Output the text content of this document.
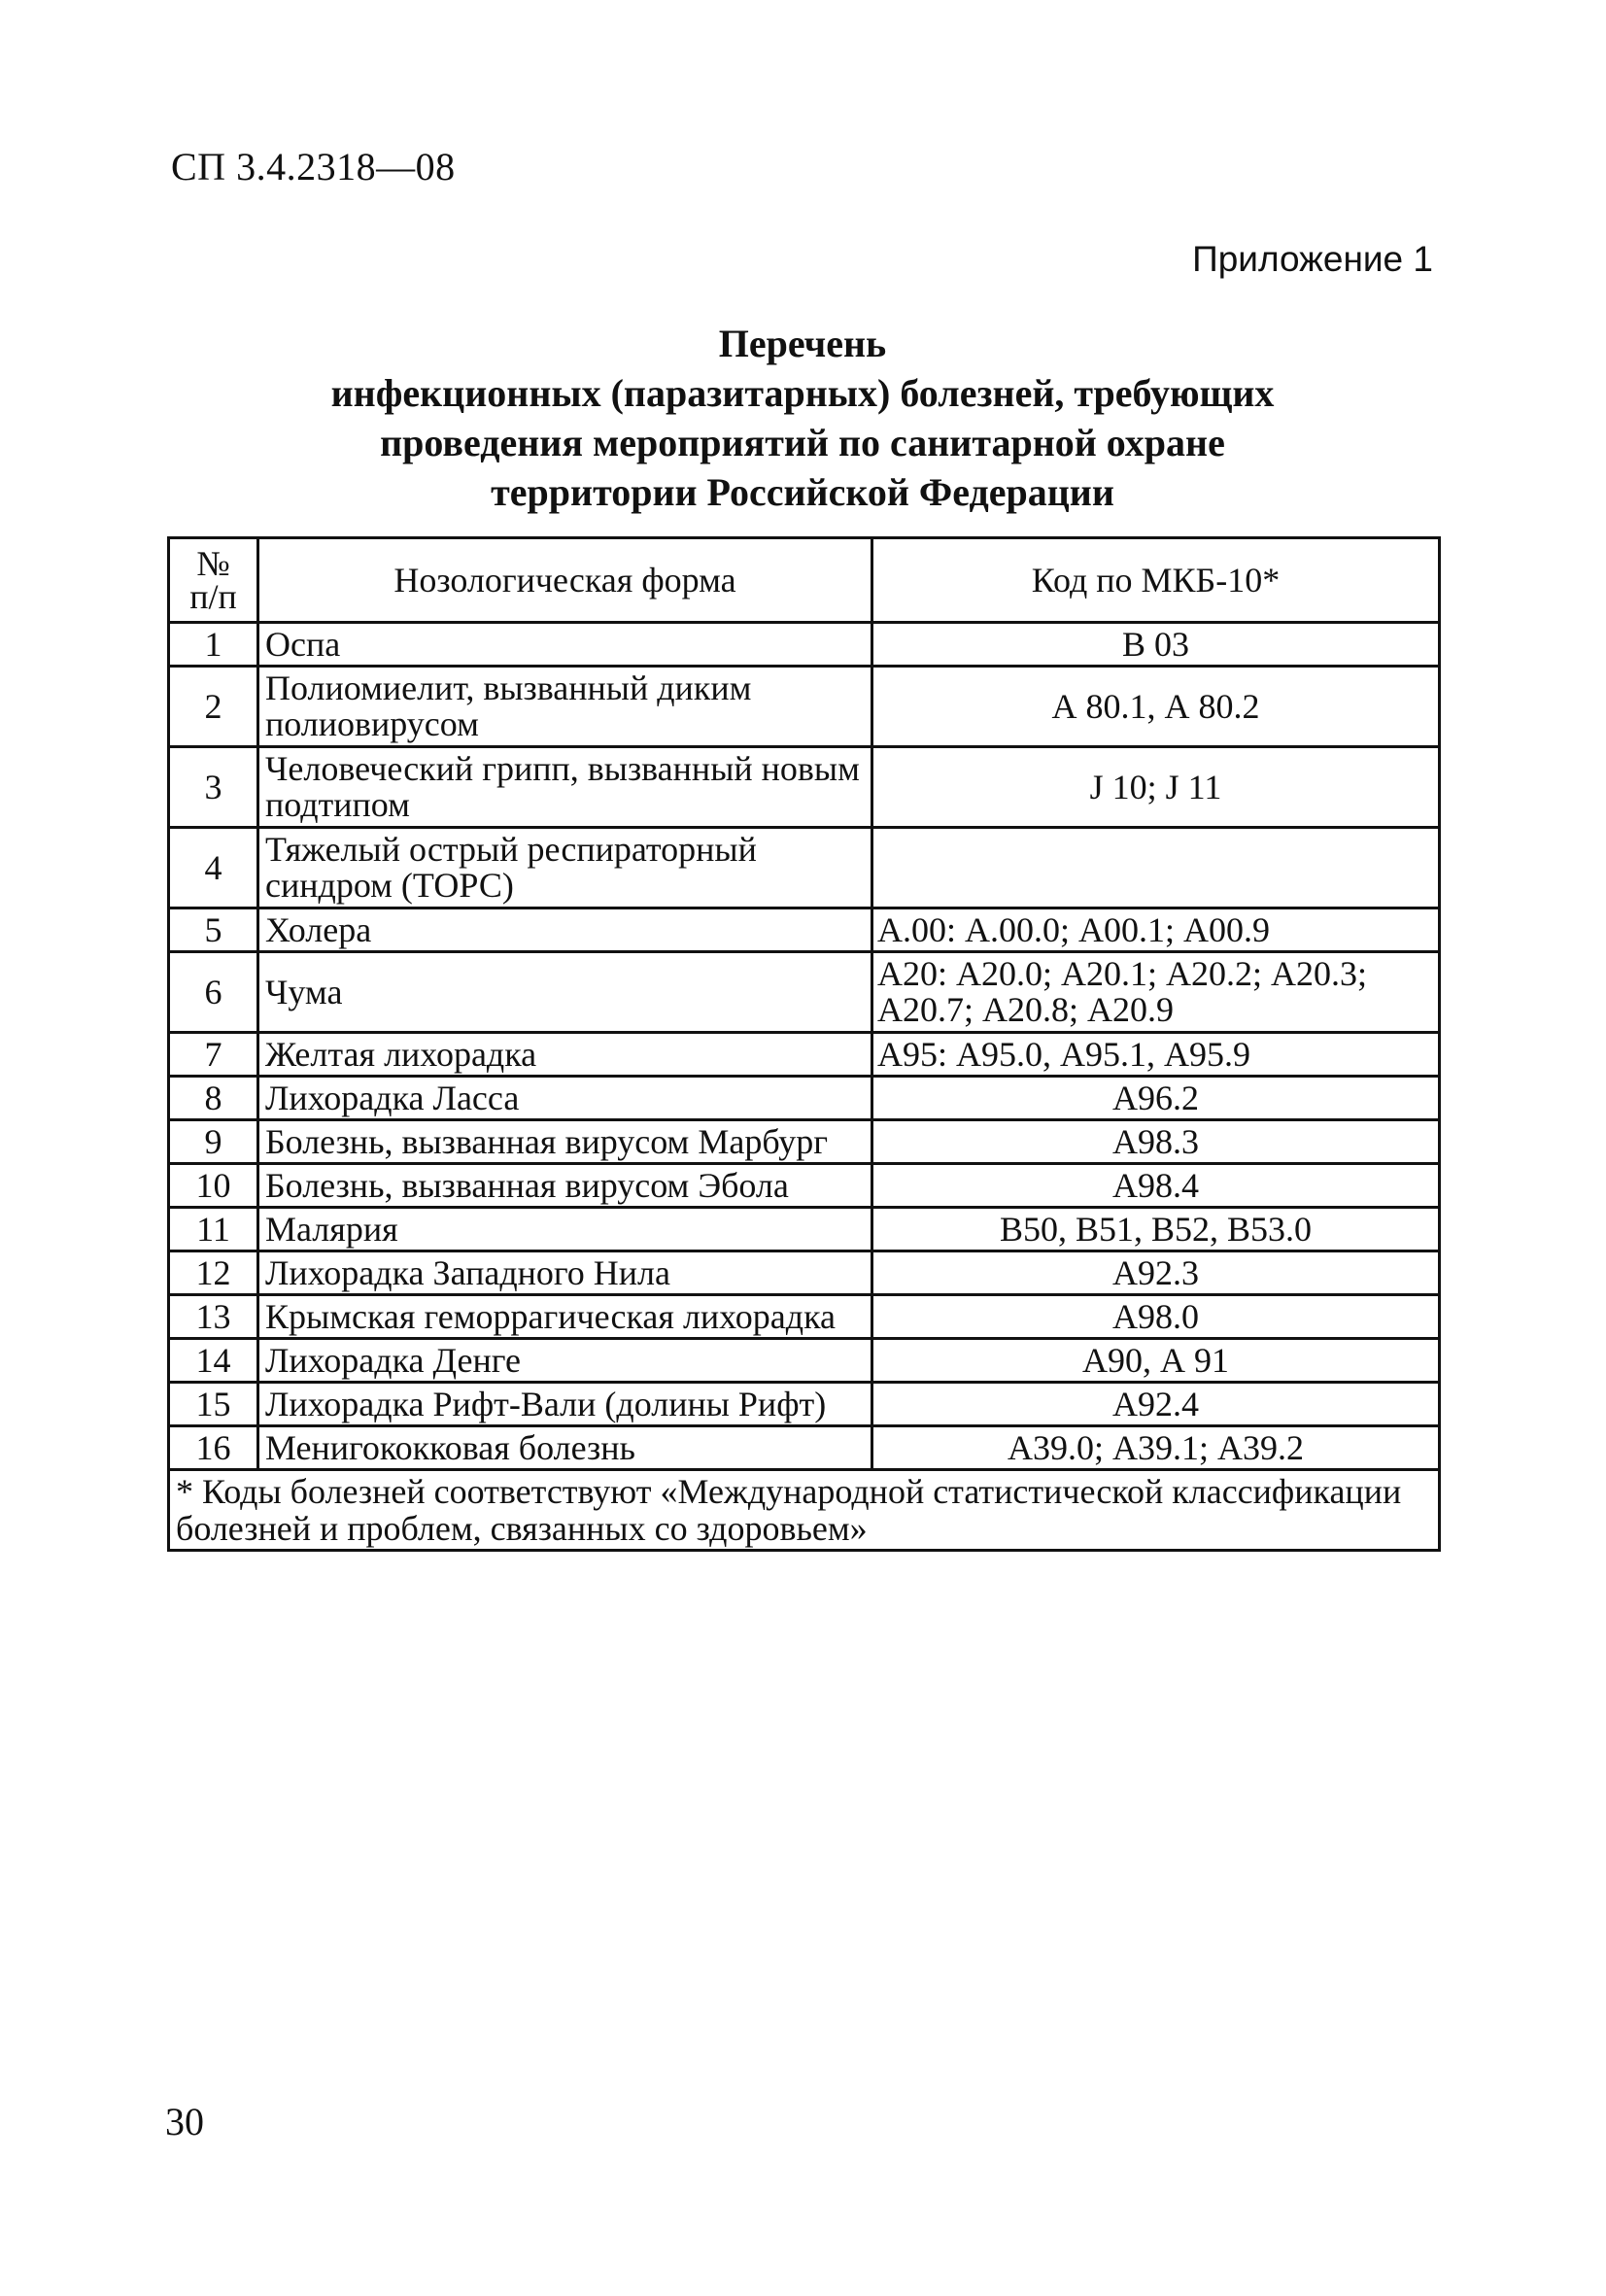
СП 3.4.2318—08
Приложение 1
Перечень
инфекционных (паразитарных) болезней, требующих
проведения мероприятий по санитарной охране
территории Российской Федерации
№
п/п	Нозологическая форма	Код по МКБ-10*
1	Оспа	B 03
2	Полиомиелит, вызванный диким полиовирусом	А 80.1, А 80.2
3	Человеческий грипп, вызванный новым подтипом	J 10; J 11
4	Тяжелый острый респираторный синдром (ТОРС)	
5	Холера	А.00: А.00.0; А00.1; А00.9
6	Чума	А20: А20.0; А20.1; А20.2; А20.3; А20.7; А20.8; А20.9
7	Желтая лихорадка	А95: А95.0, А95.1, А95.9
8	Лихорадка Ласса	А96.2
9	Болезнь, вызванная вирусом Марбург	А98.3
10	Болезнь, вызванная вирусом Эбола	А98.4
11	Малярия	В50, В51, В52, В53.0
12	Лихорадка Западного Нила	А92.3
13	Крымская геморрагическая лихорадка	А98.0
14	Лихорадка Денге	А90, А 91
15	Лихорадка Рифт-Вали (долины Рифт)	А92.4
16	Менигококковая болезнь	А39.0; А39.1; А39.2
* Коды болезней соответствуют «Международной статистической классификации болезней и проблем, связанных со здоровьем»		
30
